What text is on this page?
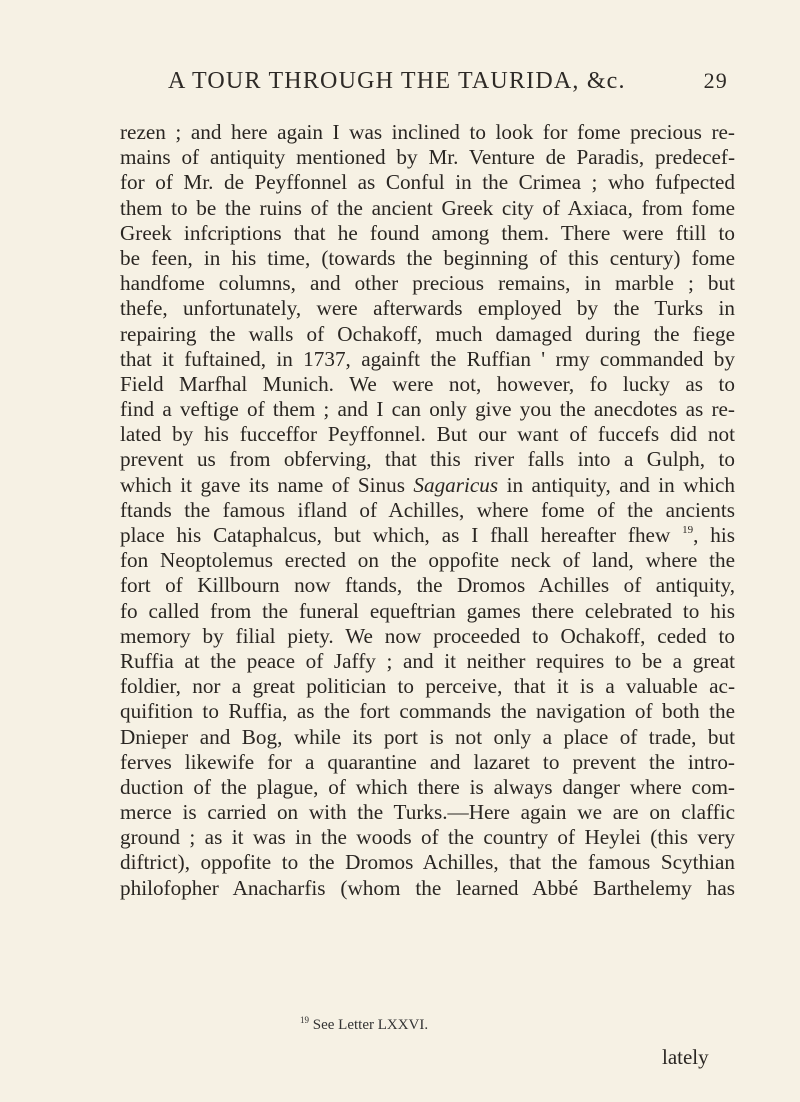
A TOUR THROUGH THE TAURIDA, &c.	29
rezen ; and here again I was inclined to look for fome precious re-
mains of antiquity mentioned by Mr. Venture de Paradis, predecef-
for of Mr. de Peyffonnel as Conful in the Crimea ; who fufpected
them to be the ruins of the ancient Greek city of Axiaca, from fome
Greek infcriptions that he found among them. There were ftill to
be feen, in his time, (towards the beginning of this century) fome
handfome columns, and other precious remains, in marble ; but
thefe, unfortunately, were afterwards employed by the Turks in
repairing the walls of Ochakoff, much damaged during the fiege
that it fuftained, in 1737, againft the Ruffian ' rmy commanded by
Field Marfhal Munich. We were not, however, fo lucky as to
find a veftige of them ; and I can only give you the anecdotes as re-
lated by his fucceffor Peyffonnel. But our want of fuccefs did not
prevent us from obferving, that this river falls into a Gulph, to
which it gave its name of Sinus Sagaricus in antiquity, and in which
ftands the famous ifland of Achilles, where fome of the ancients
place his Cataphalcus, but which, as I fhall hereafter fhew $^{19}$, his
fon Neoptolemus erected on the oppofite neck of land, where the
fort of Killbourn now ftands, the Dromos Achilles of antiquity,
fo called from the funeral equeftrian games there celebrated to his
memory by filial piety. We now proceeded to Ochakoff, ceded to
Ruffia at the peace of Jaffy ; and it neither requires to be a great
foldier, nor a great politician to perceive, that it is a valuable ac-
quifition to Ruffia, as the fort commands the navigation of both the
Dnieper and Bog, while its port is not only a place of trade, but
ferves likewife for a quarantine and lazaret to prevent the intro-
duction of the plague, of which there is always danger where com-
merce is carried on with the Turks.—Here again we are on claffic
ground ; as it was in the woods of the country of Heylei (this very
diftrict), oppofite to the Dromos Achilles, that the famous Scythian
philofopher Anacharfis (whom the learned Abbé Barthelemy has
$^{19}$ See Letter LXXVI.
lately
